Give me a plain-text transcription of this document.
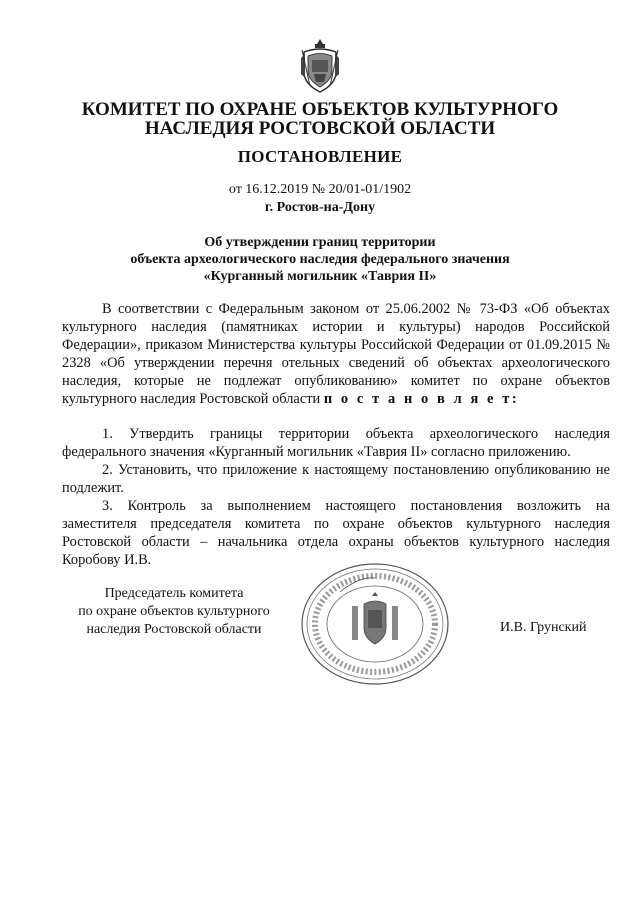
КОМИТЕТ ПО ОХРАНЕ ОБЪЕКТОВ КУЛЬТУРНОГО
НАСЛЕДИЯ РОСТОВСКОЙ ОБЛАСТИ
ПОСТАНОВЛЕНИЕ
от 16.12.2019 № 20/01-01/1902
г. Ростов-на-Дону
Об утверждении границ территории
объекта археологического наследия федерального значения
«Курганный могильник «Таврия II»

В соответствии с Федеральным законом от 25.06.2002 № 73-ФЗ «Об объектах культурного наследия (памятниках истории и культуры) народов Российской Федерации», приказом Министерства культуры Российской Федерации от 01.09.2015 № 2328 «Об утверждении перечня отельных сведений об объектах археологического наследия, которые не подлежат опубликованию» комитет по охране объектов культурного наследия Ростовской области п о с т а н о в л я е т:

1. Утвердить границы территории объекта археологического наследия федерального значения «Курганный могильник «Таврия II» согласно приложению.

2. Установить, что приложение к настоящему постановлению опубликованию не подлежит.

3. Контроль за выполнением настоящего постановления возложить на заместителя председателя комитета по охране объектов культурного наследия Ростовской области – начальника отдела охраны объектов культурного наследия Коробову И.В.

Председатель комитета
по охране объектов культурного
наследия Ростовской области	И.В. Грунский
